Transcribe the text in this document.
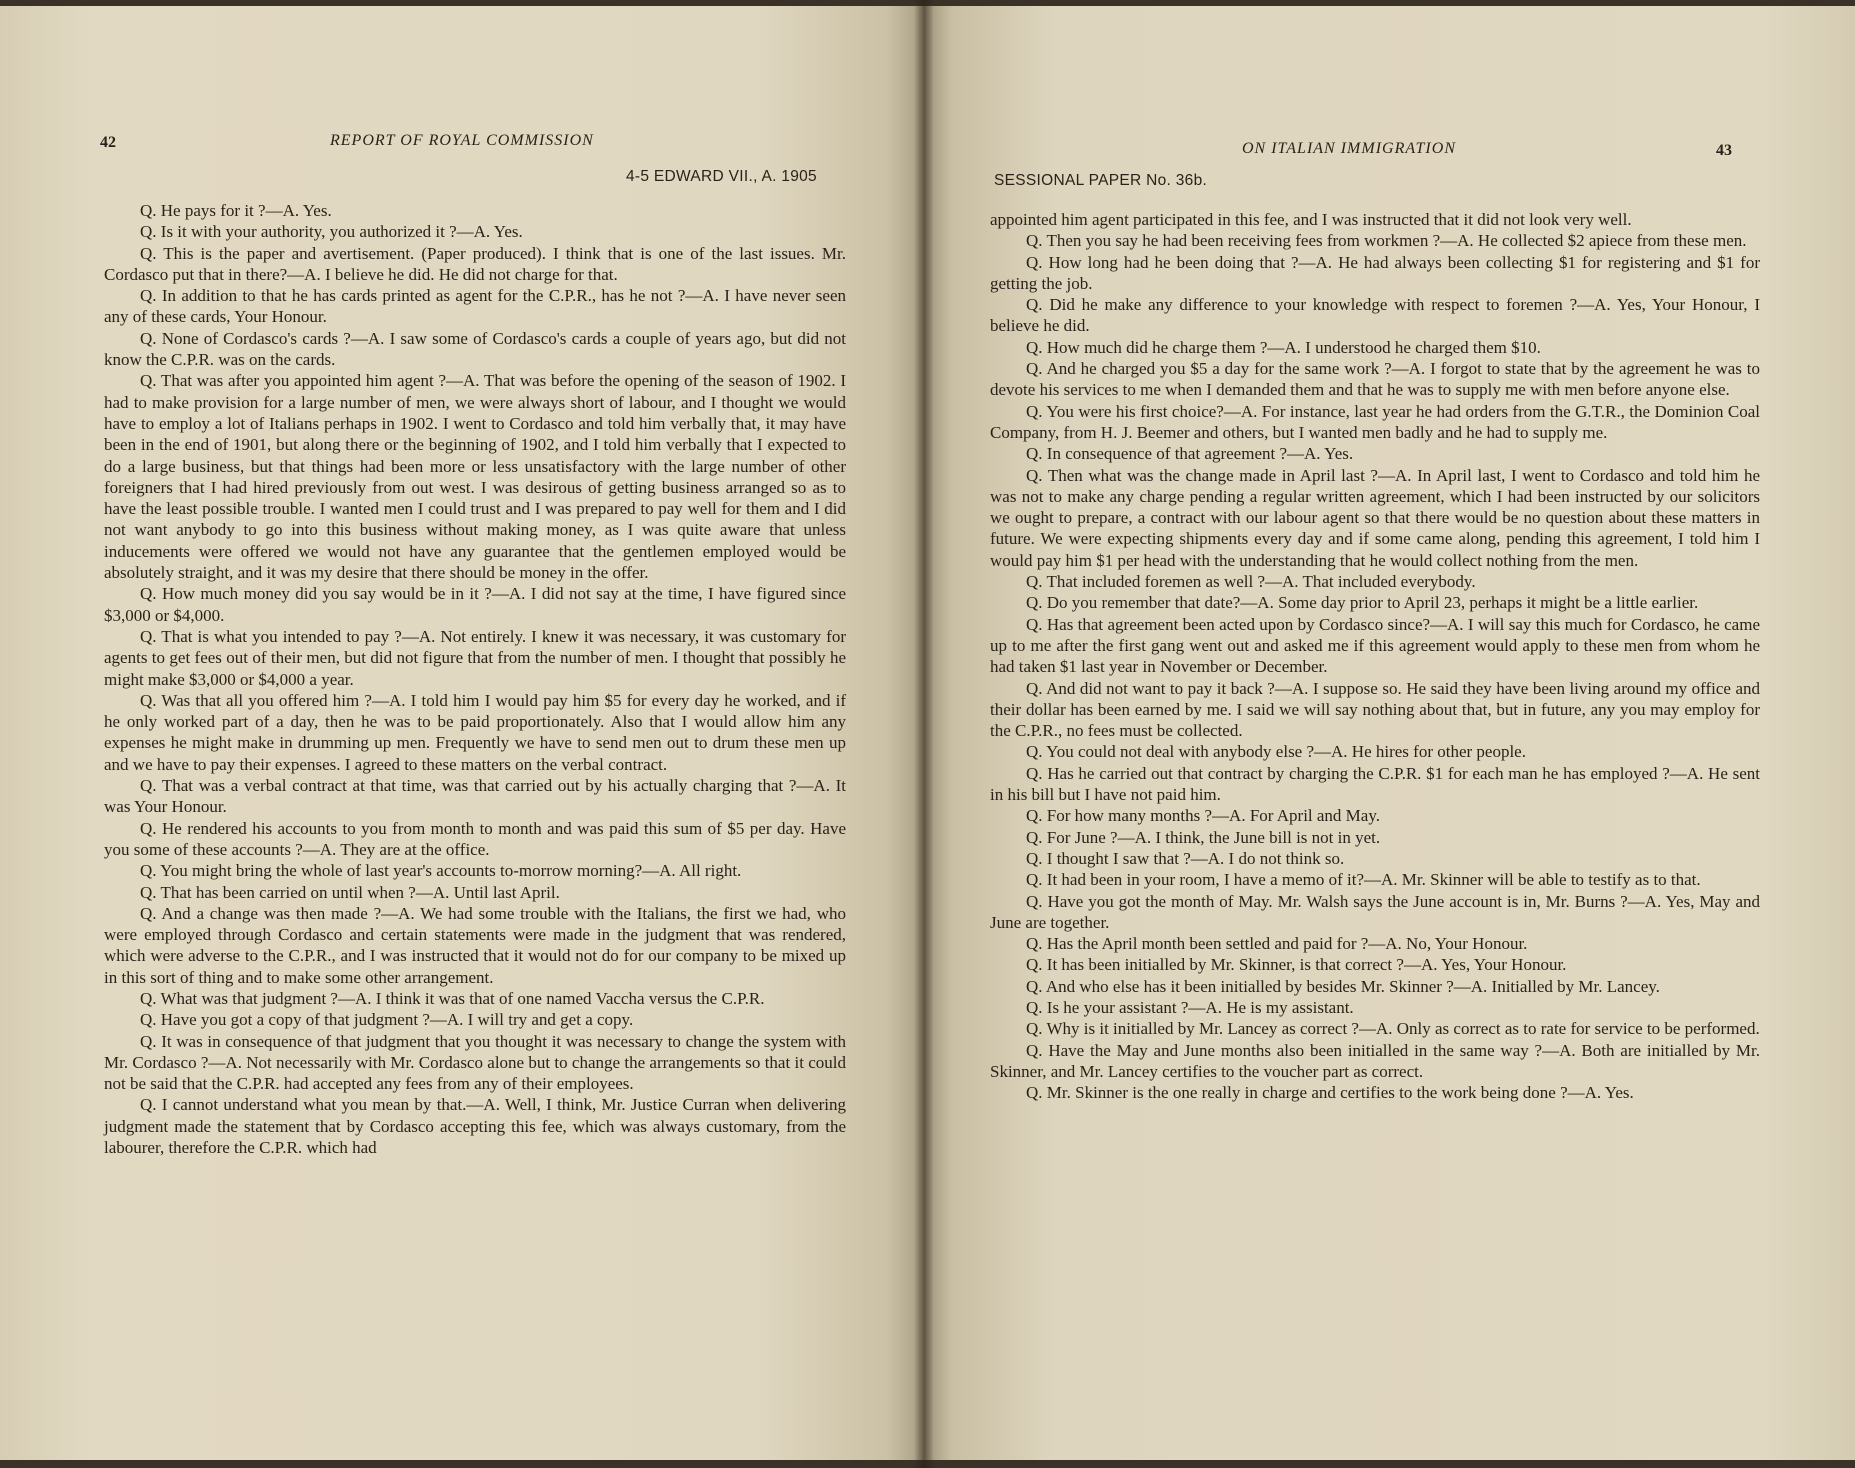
42	REPORT OF ROYAL COMMISSION
4-5 EDWARD VII., A. 1905

Q. He pays for it ?—A. Yes.

Q. Is it with your authority, you authorized it ?—A. Yes.

Q. This is the paper and avertisement. (Paper produced). I think that is one of the last issues. Mr. Cordasco put that in there?—A. I believe he did. He did not charge for that.

Q. In addition to that he has cards printed as agent for the C.P.R., has he not ?—A. I have never seen any of these cards, Your Honour.

Q. None of Cordasco's cards ?—A. I saw some of Cordasco's cards a couple of years ago, but did not know the C.P.R. was on the cards.

Q. That was after you appointed him agent ?—A. That was before the opening of the season of 1902. I had to make provision for a large number of men, we were always short of labour, and I thought we would have to employ a lot of Italians perhaps in 1902. I went to Cordasco and told him verbally that, it may have been in the end of 1901, but along there or the beginning of 1902, and I told him verbally that I expected to do a large business, but that things had been more or less unsatisfactory with the large number of other foreigners that I had hired previously from out west. I was desirous of getting business arranged so as to have the least possible trouble. I wanted men I could trust and I was prepared to pay well for them and I did not want anybody to go into this business without making money, as I was quite aware that unless inducements were offered we would not have any guarantee that the gentlemen employed would be absolutely straight, and it was my desire that there should be money in the offer.

Q. How much money did you say would be in it ?—A. I did not say at the time, I have figured since $3,000 or $4,000.

Q. That is what you intended to pay ?—A. Not entirely. I knew it was necessary, it was customary for agents to get fees out of their men, but did not figure that from the number of men. I thought that possibly he might make $3,000 or $4,000 a year.

Q. Was that all you offered him ?—A. I told him I would pay him $5 for every day he worked, and if he only worked part of a day, then he was to be paid proportionately. Also that I would allow him any expenses he might make in drumming up men. Frequently we have to send men out to drum these men up and we have to pay their expenses. I agreed to these matters on the verbal contract.

Q. That was a verbal contract at that time, was that carried out by his actually charging that ?—A. It was Your Honour.

Q. He rendered his accounts to you from month to month and was paid this sum of $5 per day. Have you some of these accounts ?—A. They are at the office.

Q. You might bring the whole of last year's accounts to-morrow morning?—A. All right.

Q. That has been carried on until when ?—A. Until last April.

Q. And a change was then made ?—A. We had some trouble with the Italians, the first we had, who were employed through Cordasco and certain statements were made in the judgment that was rendered, which were adverse to the C.P.R., and I was instructed that it would not do for our company to be mixed up in this sort of thing and to make some other arrangement.

Q. What was that judgment ?—A. I think it was that of one named Vaccha versus the C.P.R.

Q. Have you got a copy of that judgment ?—A. I will try and get a copy.

Q. It was in consequence of that judgment that you thought it was necessary to change the system with Mr. Cordasco ?—A. Not necessarily with Mr. Cordasco alone but to change the arrangements so that it could not be said that the C.P.R. had accepted any fees from any of their employees.

Q. I cannot understand what you mean by that.—A. Well, I think, Mr. Justice Curran when delivering judgment made the statement that by Cordasco accepting this fee, which was always customary, from the labourer, therefore the C.P.R. which had

ON ITALIAN IMMIGRATION	43
SESSIONAL PAPER No. 36b.

appointed him agent participated in this fee, and I was instructed that it did not look very well.

Q. Then you say he had been receiving fees from workmen ?—A. He collected $2 apiece from these men.

Q. How long had he been doing that ?—A. He had always been collecting $1 for registering and $1 for getting the job.

Q. Did he make any difference to your knowledge with respect to foremen ?—A. Yes, Your Honour, I believe he did.

Q. How much did he charge them ?—A. I understood he charged them $10.

Q. And he charged you $5 a day for the same work ?—A. I forgot to state that by the agreement he was to devote his services to me when I demanded them and that he was to supply me with men before anyone else.

Q. You were his first choice?—A. For instance, last year he had orders from the G.T.R., the Dominion Coal Company, from H. J. Beemer and others, but I wanted men badly and he had to supply me.

Q. In consequence of that agreement ?—A. Yes.

Q. Then what was the change made in April last ?—A. In April last, I went to Cordasco and told him he was not to make any charge pending a regular written agreement, which I had been instructed by our solicitors we ought to prepare, a contract with our labour agent so that there would be no question about these matters in future. We were expecting shipments every day and if some came along, pending this agreement, I told him I would pay him $1 per head with the understanding that he would collect nothing from the men.

Q. That included foremen as well ?—A. That included everybody.

Q. Do you remember that date?—A. Some day prior to April 23, perhaps it might be a little earlier.

Q. Has that agreement been acted upon by Cordasco since?—A. I will say this much for Cordasco, he came up to me after the first gang went out and asked me if this agreement would apply to these men from whom he had taken $1 last year in November or December.

Q. And did not want to pay it back ?—A. I suppose so. He said they have been living around my office and their dollar has been earned by me. I said we will say nothing about that, but in future, any you may employ for the C.P.R., no fees must be collected.

Q. You could not deal with anybody else ?—A. He hires for other people.

Q. Has he carried out that contract by charging the C.P.R. $1 for each man he has employed ?—A. He sent in his bill but I have not paid him.

Q. For how many months ?—A. For April and May.

Q. For June ?—A. I think, the June bill is not in yet.

Q. I thought I saw that ?—A. I do not think so.

Q. It had been in your room, I have a memo of it?—A. Mr. Skinner will be able to testify as to that.

Q. Have you got the month of May. Mr. Walsh says the June account is in, Mr. Burns ?—A. Yes, May and June are together.

Q. Has the April month been settled and paid for ?—A. No, Your Honour.

Q. It has been initialled by Mr. Skinner, is that correct ?—A. Yes, Your Honour.

Q. And who else has it been initialled by besides Mr. Skinner ?—A. Initialled by Mr. Lancey.

Q. Is he your assistant ?—A. He is my assistant.

Q. Why is it initialled by Mr. Lancey as correct ?—A. Only as correct as to rate for service to be performed.

Q. Have the May and June months also been initialled in the same way ?—A. Both are initialled by Mr. Skinner, and Mr. Lancey certifies to the voucher part as correct.

Q. Mr. Skinner is the one really in charge and certifies to the work being done ?—A. Yes.
